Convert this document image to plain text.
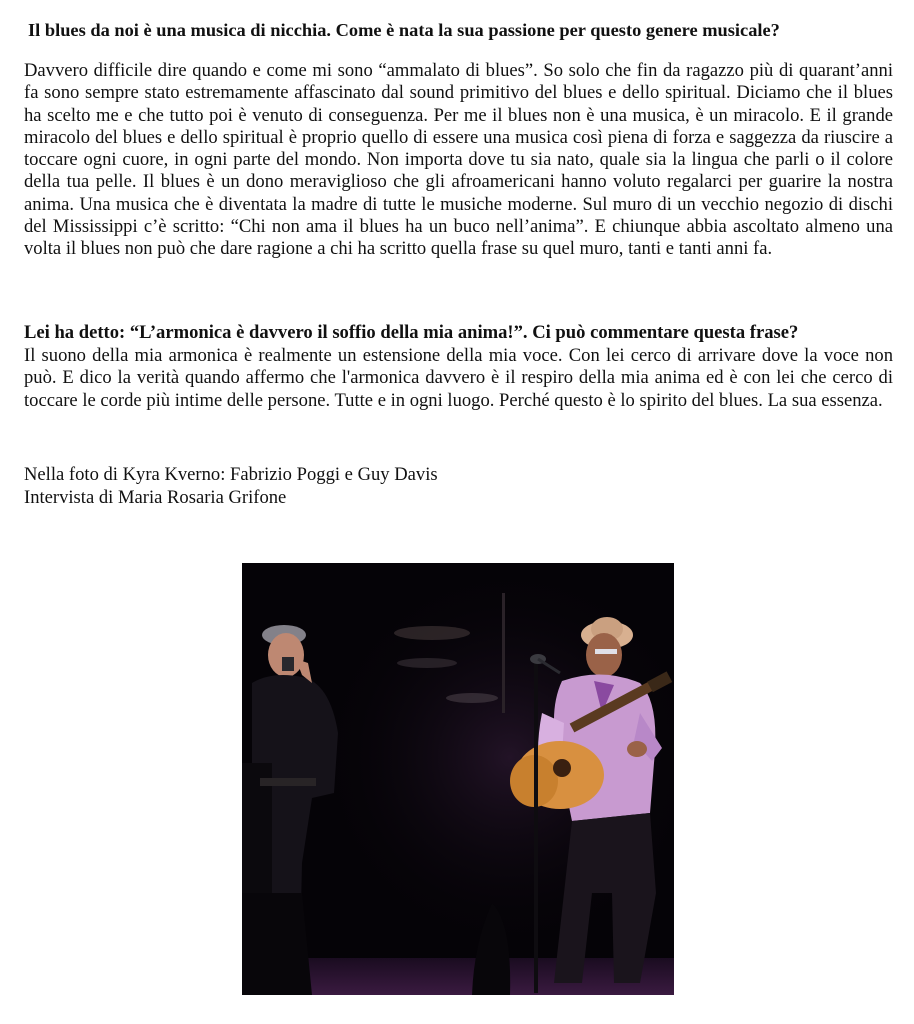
Il blues da noi è una musica di nicchia. Come è nata la sua passione per questo genere musicale?
Davvero difficile dire quando e come mi sono “ammalato di blues”. So solo che fin da ragazzo più di quarant’anni fa sono sempre stato estremamente affascinato dal sound primitivo del blues e dello spiritual. Diciamo che il blues ha scelto me e che tutto poi è venuto di conseguenza. Per me il blues non è una musica, è un miracolo. E il grande miracolo del blues e dello spiritual è proprio quello di essere una musica così piena di forza e saggezza da riuscire a toccare ogni cuore, in ogni parte del mondo. Non importa dove tu sia nato, quale sia la lingua che parli o il colore della tua pelle. Il blues è un dono meraviglioso che gli afroamericani hanno voluto regalarci per guarire la nostra anima. Una musica che è diventata la madre di tutte le musiche moderne. Sul muro di un vecchio negozio di dischi del Mississippi c’è scritto: “Chi non ama il blues ha un buco nell’anima”. E chiunque abbia ascoltato almeno una volta il blues non può che dare ragione a chi ha scritto quella frase su quel muro, tanti e tanti anni fa.
Lei ha detto: “L’armonica è davvero il soffio della mia anima!”. Ci può commentare questa frase?
Il suono della mia armonica è realmente un estensione della mia voce. Con lei cerco di arrivare dove la voce non può. E dico la verità quando affermo che l'armonica davvero è il respiro della mia anima ed è con lei che cerco di toccare le corde più intime delle persone. Tutte e in ogni luogo. Perché questo è lo spirito del blues. La sua essenza.
Nella foto di Kyra Kverno: Fabrizio Poggi e Guy Davis
Intervista di Maria Rosaria Grifone
